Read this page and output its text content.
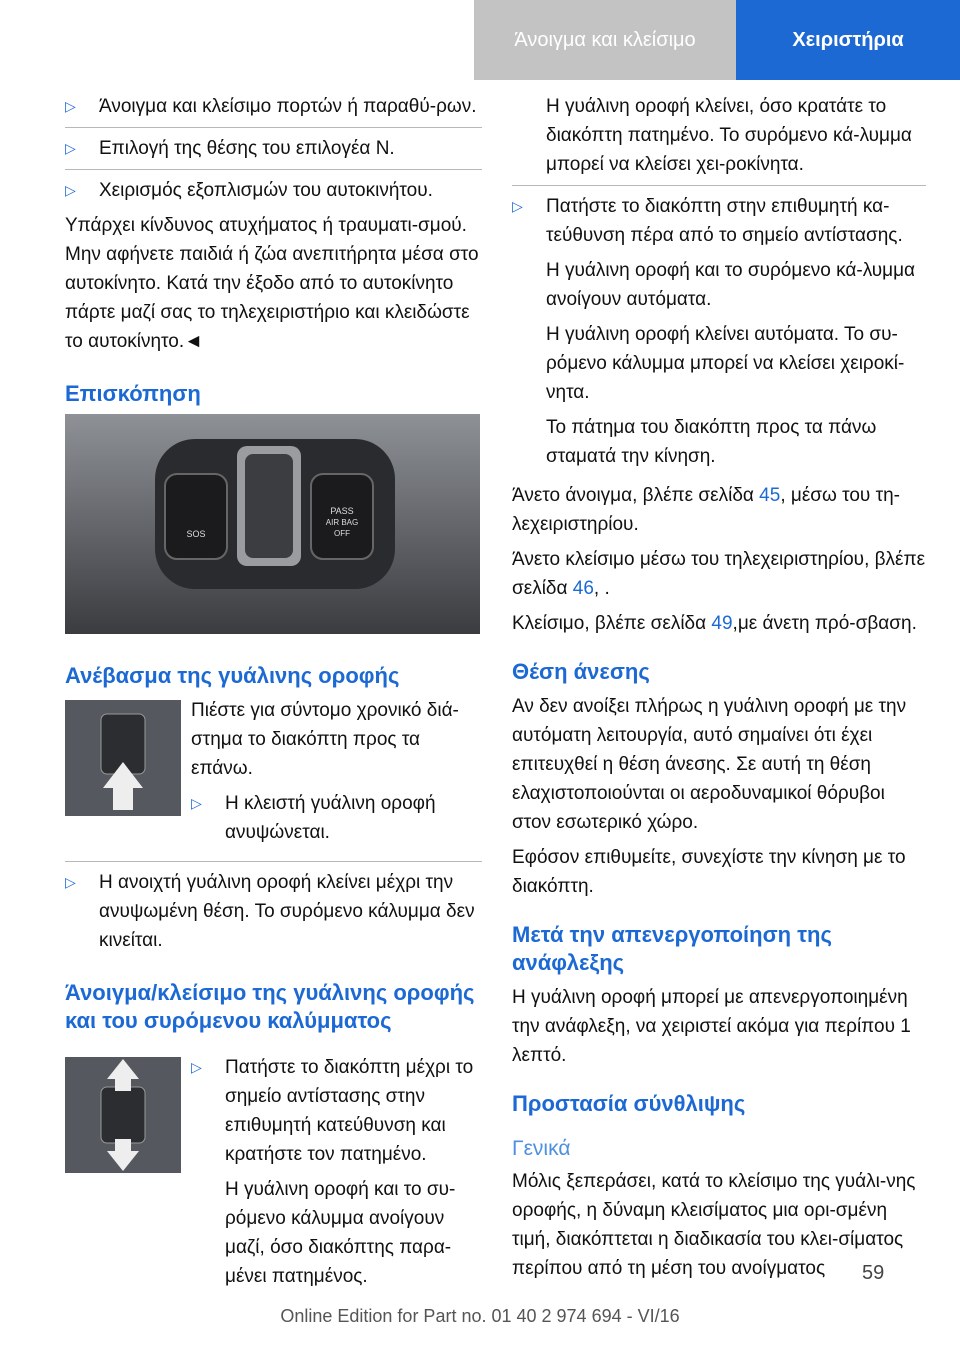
Άνοιγμα και κλείσιμο	Χειριστήρια
▷	Άνοιγμα και κλείσιμο πορτών ή παραθύ-ρων.
▷	Επιλογή της θέσης του επιλογέα N.
▷	Χειρισμός εξοπλισμών του αυτοκινήτου.

Υπάρχει κίνδυνος ατυχήματος ή τραυματι-σμού. Μην αφήνετε παιδιά ή ζώα ανεπιτήρητα μέσα στο αυτοκίνητο. Κατά την έξοδο από το αυτοκίνητο πάρτε μαζί σας το τηλεχειριστήριο και κλειδώστε το αυτοκίνητο.◄

Επισκόπηση
SOS
PASS
AIR BAG
OFF
Ανέβασμα της γυάλινης οροφής

Πιέστε για σύντομο χρονικό διά-στημα το διακόπτη προς τα επάνω.

▷	Η κλειστή γυάλινη οροφή ανυψώνεται.
▷	Η ανοιχτή γυάλινη οροφή κλείνει μέχρι την ανυψωμένη θέση. Το συρόμενο κάλυμμα δεν κινείται.
Άνοιγμα/κλείσιμο της γυάλινης οροφής και του συρόμενου καλύμματος
▷	Πατήστε το διακόπτη μέχρι το σημείο αντίστασης στην επιθυμητή κατεύθυνση και κρατήστε τον πατημένο.

Η γυάλινη οροφή και το συ-ρόμενο κάλυμμα ανοίγουν μαζί, όσο διακόπτης παρα-μένει πατημένος.

Η γυάλινη οροφή κλείνει, όσο κρατάτε το διακόπτη πατημένο. Το συρόμενο κά-λυμμα μπορεί να κλείσει χει-ροκίνητα.

▷	Πατήστε το διακόπτη στην επιθυμητή κα-τεύθυνση πέρα από το σημείο αντίστασης.

Η γυάλινη οροφή και το συρόμενο κά-λυμμα ανοίγουν αυτόματα.

Η γυάλινη οροφή κλείνει αυτόματα. Το συ-ρόμενο κάλυμμα μπορεί να κλείσει χειροκί-νητα.

Το πάτημα του διακόπτη προς τα πάνω σταματά την κίνηση.

Άνετο άνοιγμα, βλέπε σελίδα 45, μέσω του τη-λεχειριστηρίου.

Άνετο κλείσιμο μέσω του τηλεχειριστηρίου, βλέπε σελίδα 46, .

Κλείσιμο, βλέπε σελίδα 49,με άνετη πρό-σβαση.

Θέση άνεσης

Αν δεν ανοίξει πλήρως η γυάλινη οροφή με την αυτόματη λειτουργία, αυτό σημαίνει ότι έχει επιτευχθεί η θέση άνεσης. Σε αυτή τη θέση ελαχιστοποιούνται οι αεροδυναμικοί θόρυβοι στον εσωτερικό χώρο.

Εφόσον επιθυμείτε, συνεχίστε την κίνηση με το διακόπτη.

Μετά την απενεργοποίηση της ανάφλεξης

Η γυάλινη οροφή μπορεί με απενεργοποιημένη την ανάφλεξη, να χειριστεί ακόμα για περίπου 1 λεπτό.

Προστασία σύνθλιψης
Γενικά

Μόλις ξεπεράσει, κατά το κλείσιμο της γυάλι-νης οροφής, η δύναμη κλεισίματος μια ορι-σμένη τιμή, διακόπτεται η διαδικασία του κλει-σίματος περίπου από τη μέση του ανοίγματος	59
Online Edition for Part no. 01 40 2 974 694 - VI/16
